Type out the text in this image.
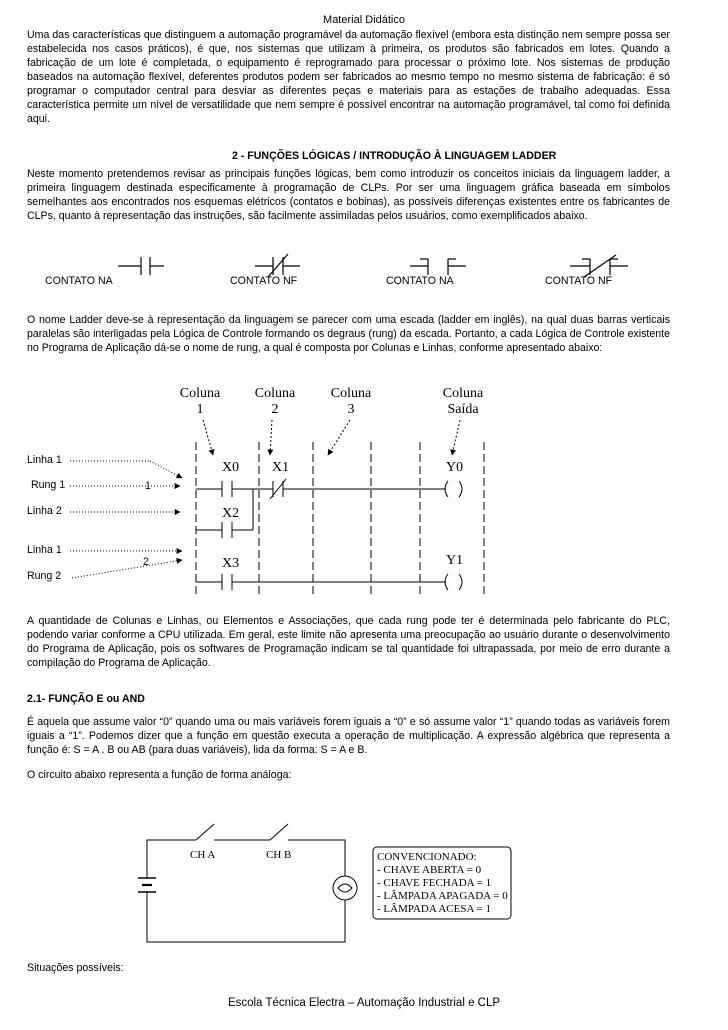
Material Didático
Uma das características que distinguem a automação programável da automação flexível (embora esta distinção nem sempre possa ser estabelecida nos casos práticos), é que, nos sistemas que utilizam à primeira, os produtos são fabricados em lotes. Quando a fabricação de um lote é completada, o equipamento é reprogramado para processar o próximo lote. Nos sistemas de produção baseados na automação flexível, deferentes produtos podem ser fabricados ao mesmo tempo no mesmo sistema de fabricação: é só programar o computador central para desviar as diferentes peças e materiais para as estações de trabalho adequadas. Essa característica permite um nível de versatilidade que nem sempre é possível encontrar na automação programável, tal como foi definida aqui.
2 - FUNÇÕES LÓGICAS / INTRODUÇÃO À LINGUAGEM LADDER
Neste momento pretendemos revisar as principais funções lógicas, bem como introduzir os conceitos iniciais da linguagem ladder, a primeira linguagem destinada especificamente à programação de CLPs. Por ser uma linguagem gráfica baseada em símbolos semelhantes aos encontrados nos esquemas elétricos (contatos e bobinas), as possíveis diferenças existentes entre os fabricantes de CLPs, quanto à representação das instruções, são facilmente assimiladas pelos usuários, como exemplificados abaixo.
CONTATO NA	CONTATO NF	CONTATO NA	CONTATO NF
O nome Ladder deve-se à representação da linguagem se parecer com uma escada (ladder em inglês), na qual duas barras verticais paralelas são interligadas pela Lógica de Controle formando os degraus (rung) da escada. Portanto, a cada Lógica de Controle existente no Programa de Aplicação dá-se o nome de rung, a qual é composta por Colunas e Linhas, conforme apresentado abaixo:
Coluna
1
Coluna
2
Coluna
3
Coluna
Saída
X0 X1
X2
X3
Y0
Y1
Linha 1
Rung 1
Linha 2
Linha 1
Rung 2
1
2
A quantidade de Colunas e Linhas, ou Elementos e Associações, que cada rung pode ter é determinada pelo fabricante do PLC, podendo variar conforme a CPU utilizada. Em geral, este limite não apresenta uma preocupação ao usuário durante o desenvolvimento do Programa de Aplicação, pois os softwares de Programação indicam se tal quantidade foi ultrapassada, por meio de erro durante a compilação do Programa de Aplicação.
2.1- FUNÇÃO E ou AND
É aquela que assume valor “0” quando uma ou mais variáveis forem iguais a “0” e só assume valor “1” quando todas as variáveis forem iguais a “1”. Podemos dizer que a função em questão executa a operação de multiplicação. A expressão algébrica que representa a função é: S = A . B ou AB (para duas variáveis), lida da forma: S = A e B.
O circuito abaixo representa a função de forma análoga:
CH A	CH B	CONVENCIONADO:
- CHAVE ABERTA = 0
- CHAVE FECHADA = 1
- LÂMPADA APAGADA = 0
- LÂMPADA ACESA = 1
Situações possíveis:
Escola Técnica Electra – Automação Industrial e CLP
